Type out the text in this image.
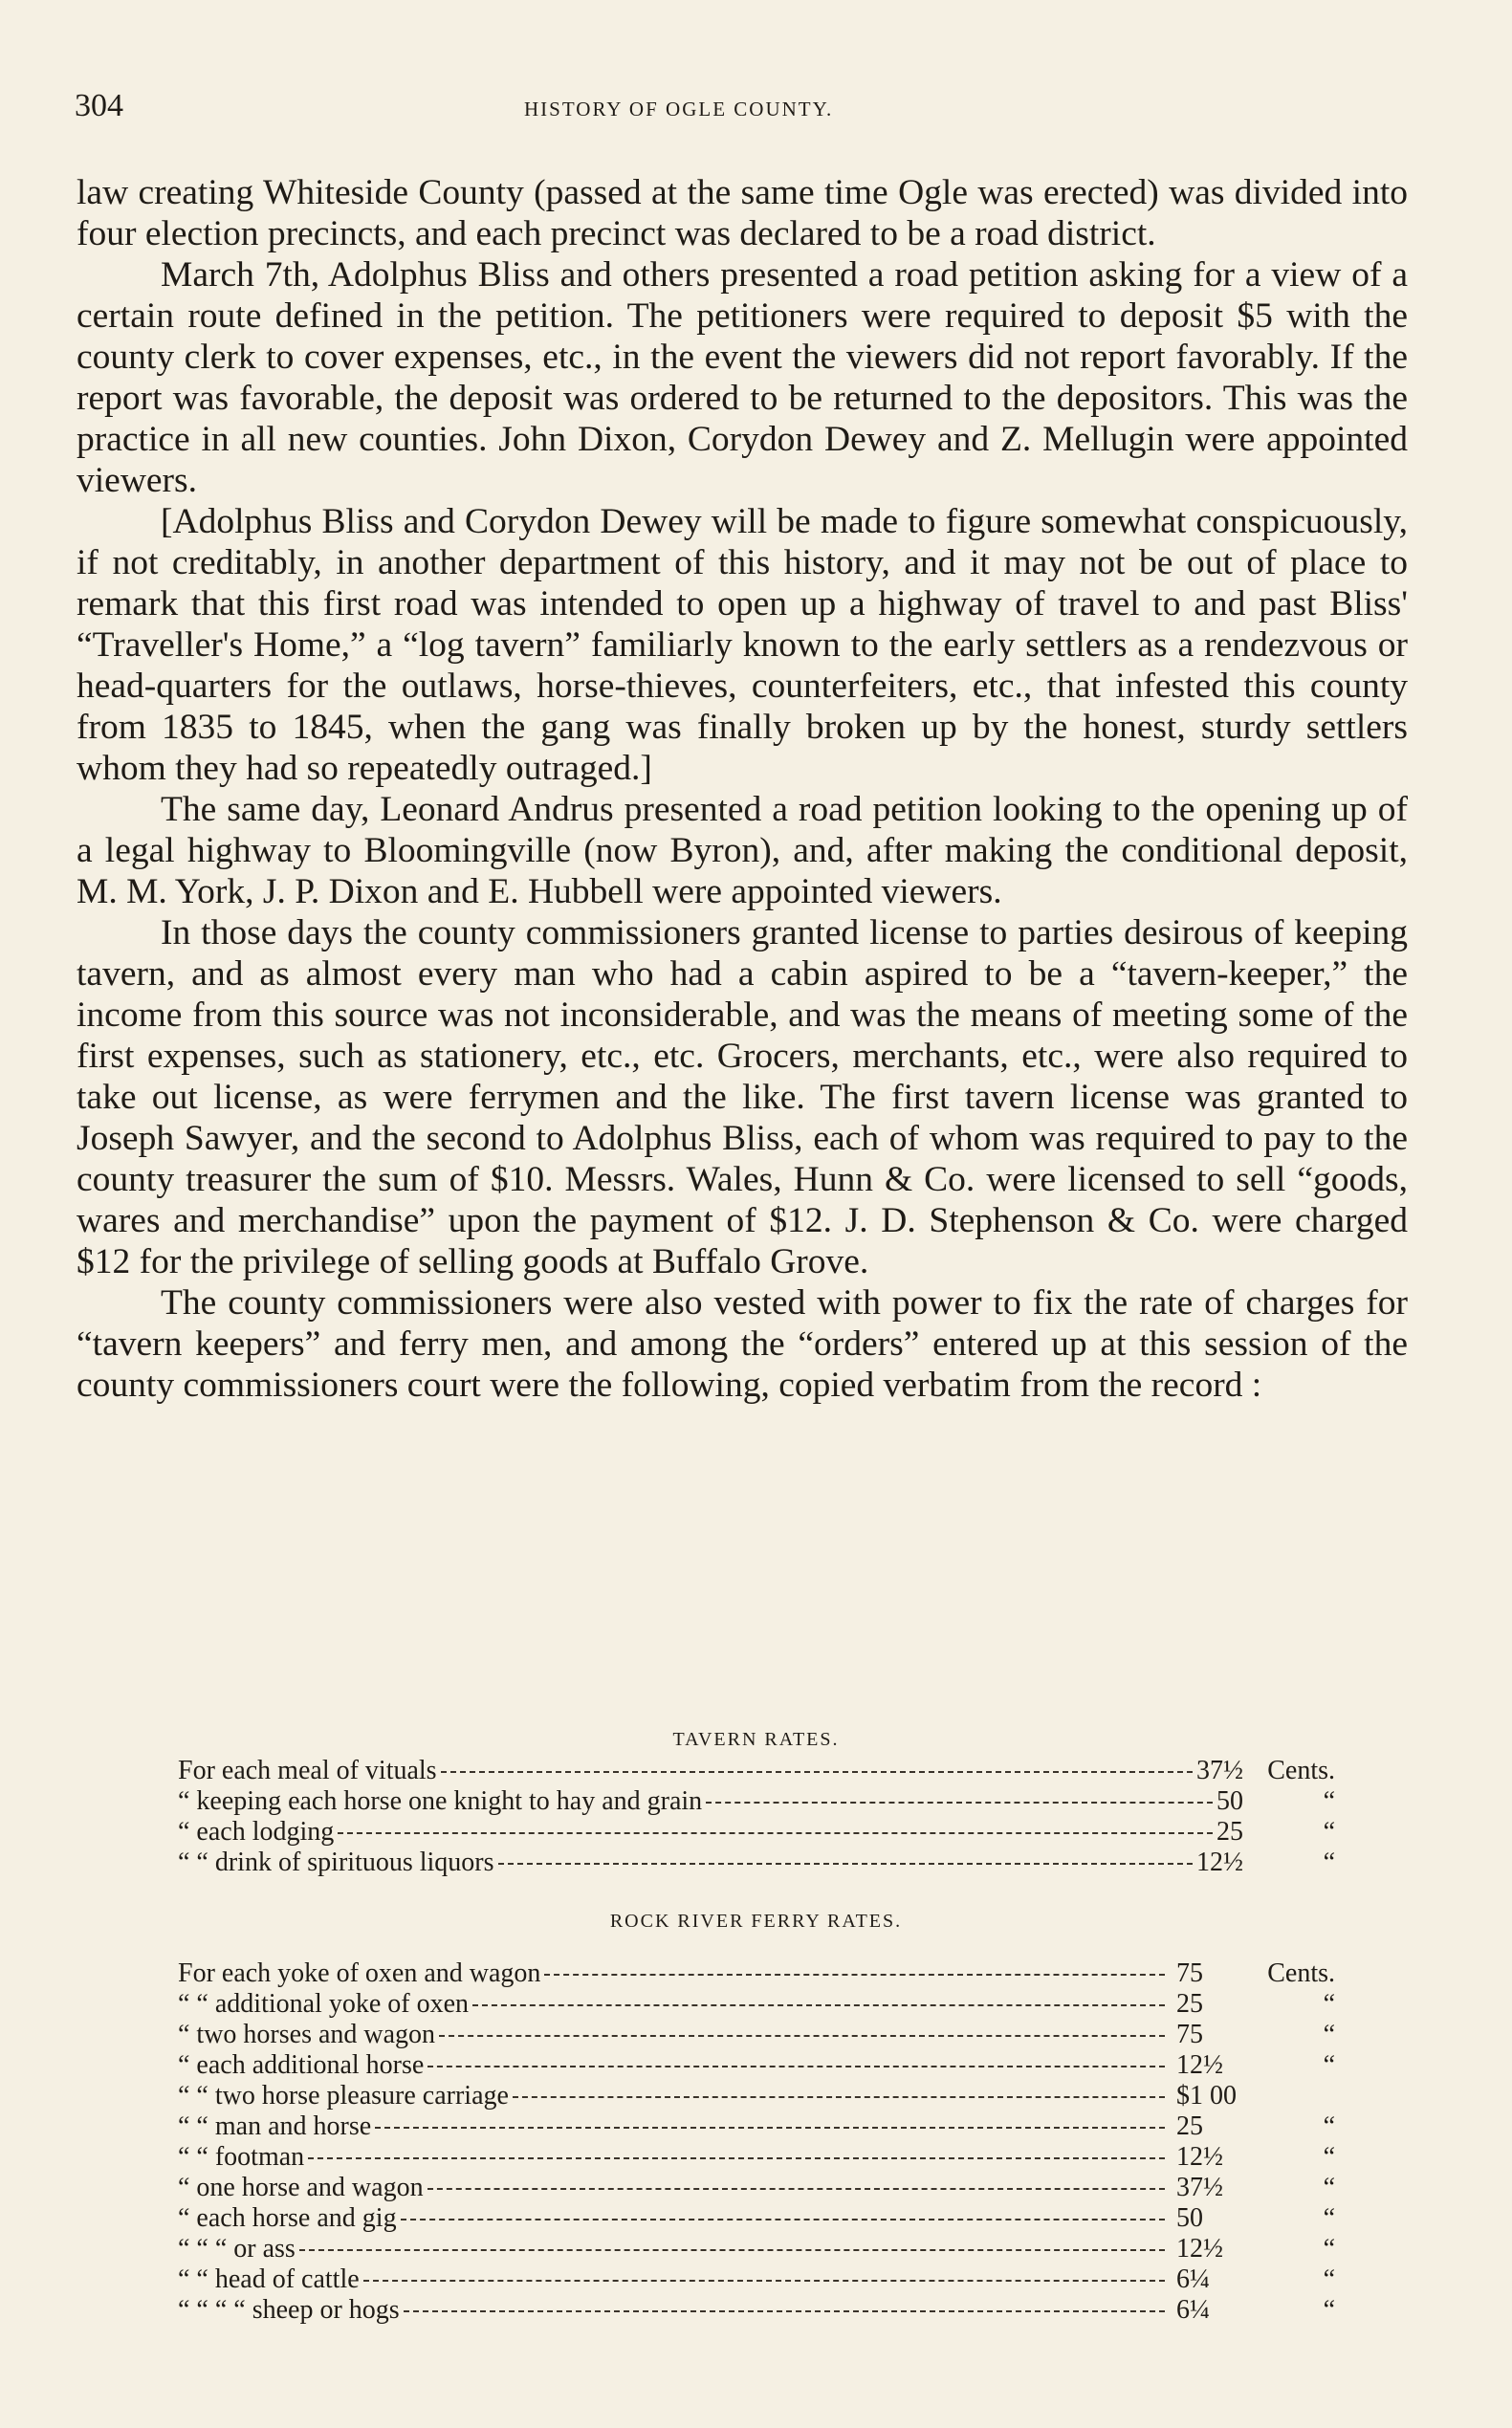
304	HISTORY OF OGLE COUNTY.

law creating Whiteside County (passed at the same time Ogle was erected) was divided into four election precincts, and each precinct was declared to be a road district.

March 7th, Adolphus Bliss and others presented a road petition asking for a view of a certain route defined in the petition. The petitioners were required to deposit $5 with the county clerk to cover expenses, etc., in the event the viewers did not report favorably. If the report was favorable, the deposit was ordered to be returned to the depositors. This was the practice in all new counties. John Dixon, Corydon Dewey and Z. Mellugin were appointed viewers.

[Adolphus Bliss and Corydon Dewey will be made to figure somewhat conspicuously, if not creditably, in another department of this history, and it may not be out of place to remark that this first road was intended to open up a highway of travel to and past Bliss' “Traveller's Home,” a “log tavern” familiarly known to the early settlers as a rendezvous or head-quarters for the outlaws, horse-thieves, counterfeiters, etc., that infested this county from 1835 to 1845, when the gang was finally broken up by the honest, sturdy settlers whom they had so repeatedly outraged.]

The same day, Leonard Andrus presented a road petition looking to the opening up of a legal highway to Bloomingville (now Byron), and, after making the conditional deposit, M. M. York, J. P. Dixon and E. Hubbell were appointed viewers.

In those days the county commissioners granted license to parties desirous of keeping tavern, and as almost every man who had a cabin aspired to be a “tavern-keeper,” the income from this source was not inconsiderable, and was the means of meeting some of the first expenses, such as stationery, etc., etc. Grocers, merchants, etc., were also required to take out license, as were ferrymen and the like. The first tavern license was granted to Joseph Sawyer, and the second to Adolphus Bliss, each of whom was required to pay to the county treasurer the sum of $10. Messrs. Wales, Hunn & Co. were licensed to sell “goods, wares and merchandise” upon the payment of $12. J. D. Stephenson & Co. were charged $12 for the privilege of selling goods at Buffalo Grove.

The county commissioners were also vested with power to fix the rate of charges for “tavern keepers” and ferry men, and among the “orders” entered up at this session of the county commissioners court were the following, copied verbatim from the record :

TAVERN RATES.
For each meal of vituals	37½ Cents.
“ keeping each horse one knight to hay and grain	50	“
“ each lodging	25	“
“ “ drink of spirituous liquors	12½	“
ROCK RIVER FERRY RATES.
For each yoke of oxen and wagon	75	Cents.
“ “ additional yoke of oxen	25	“
“ two horses and wagon	75	“
“ each additional horse	12½	“
“ “ two horse pleasure carriage	$1 00
“ “ man and horse	25	“
“ “ footman	12½	“
“ one horse and wagon	37½	“
“ each horse and gig	50	“
“ “ “ or ass	12½	“
“ “ head of cattle	6¼	“
“ “ “ “ sheep or hogs	6¼	“
